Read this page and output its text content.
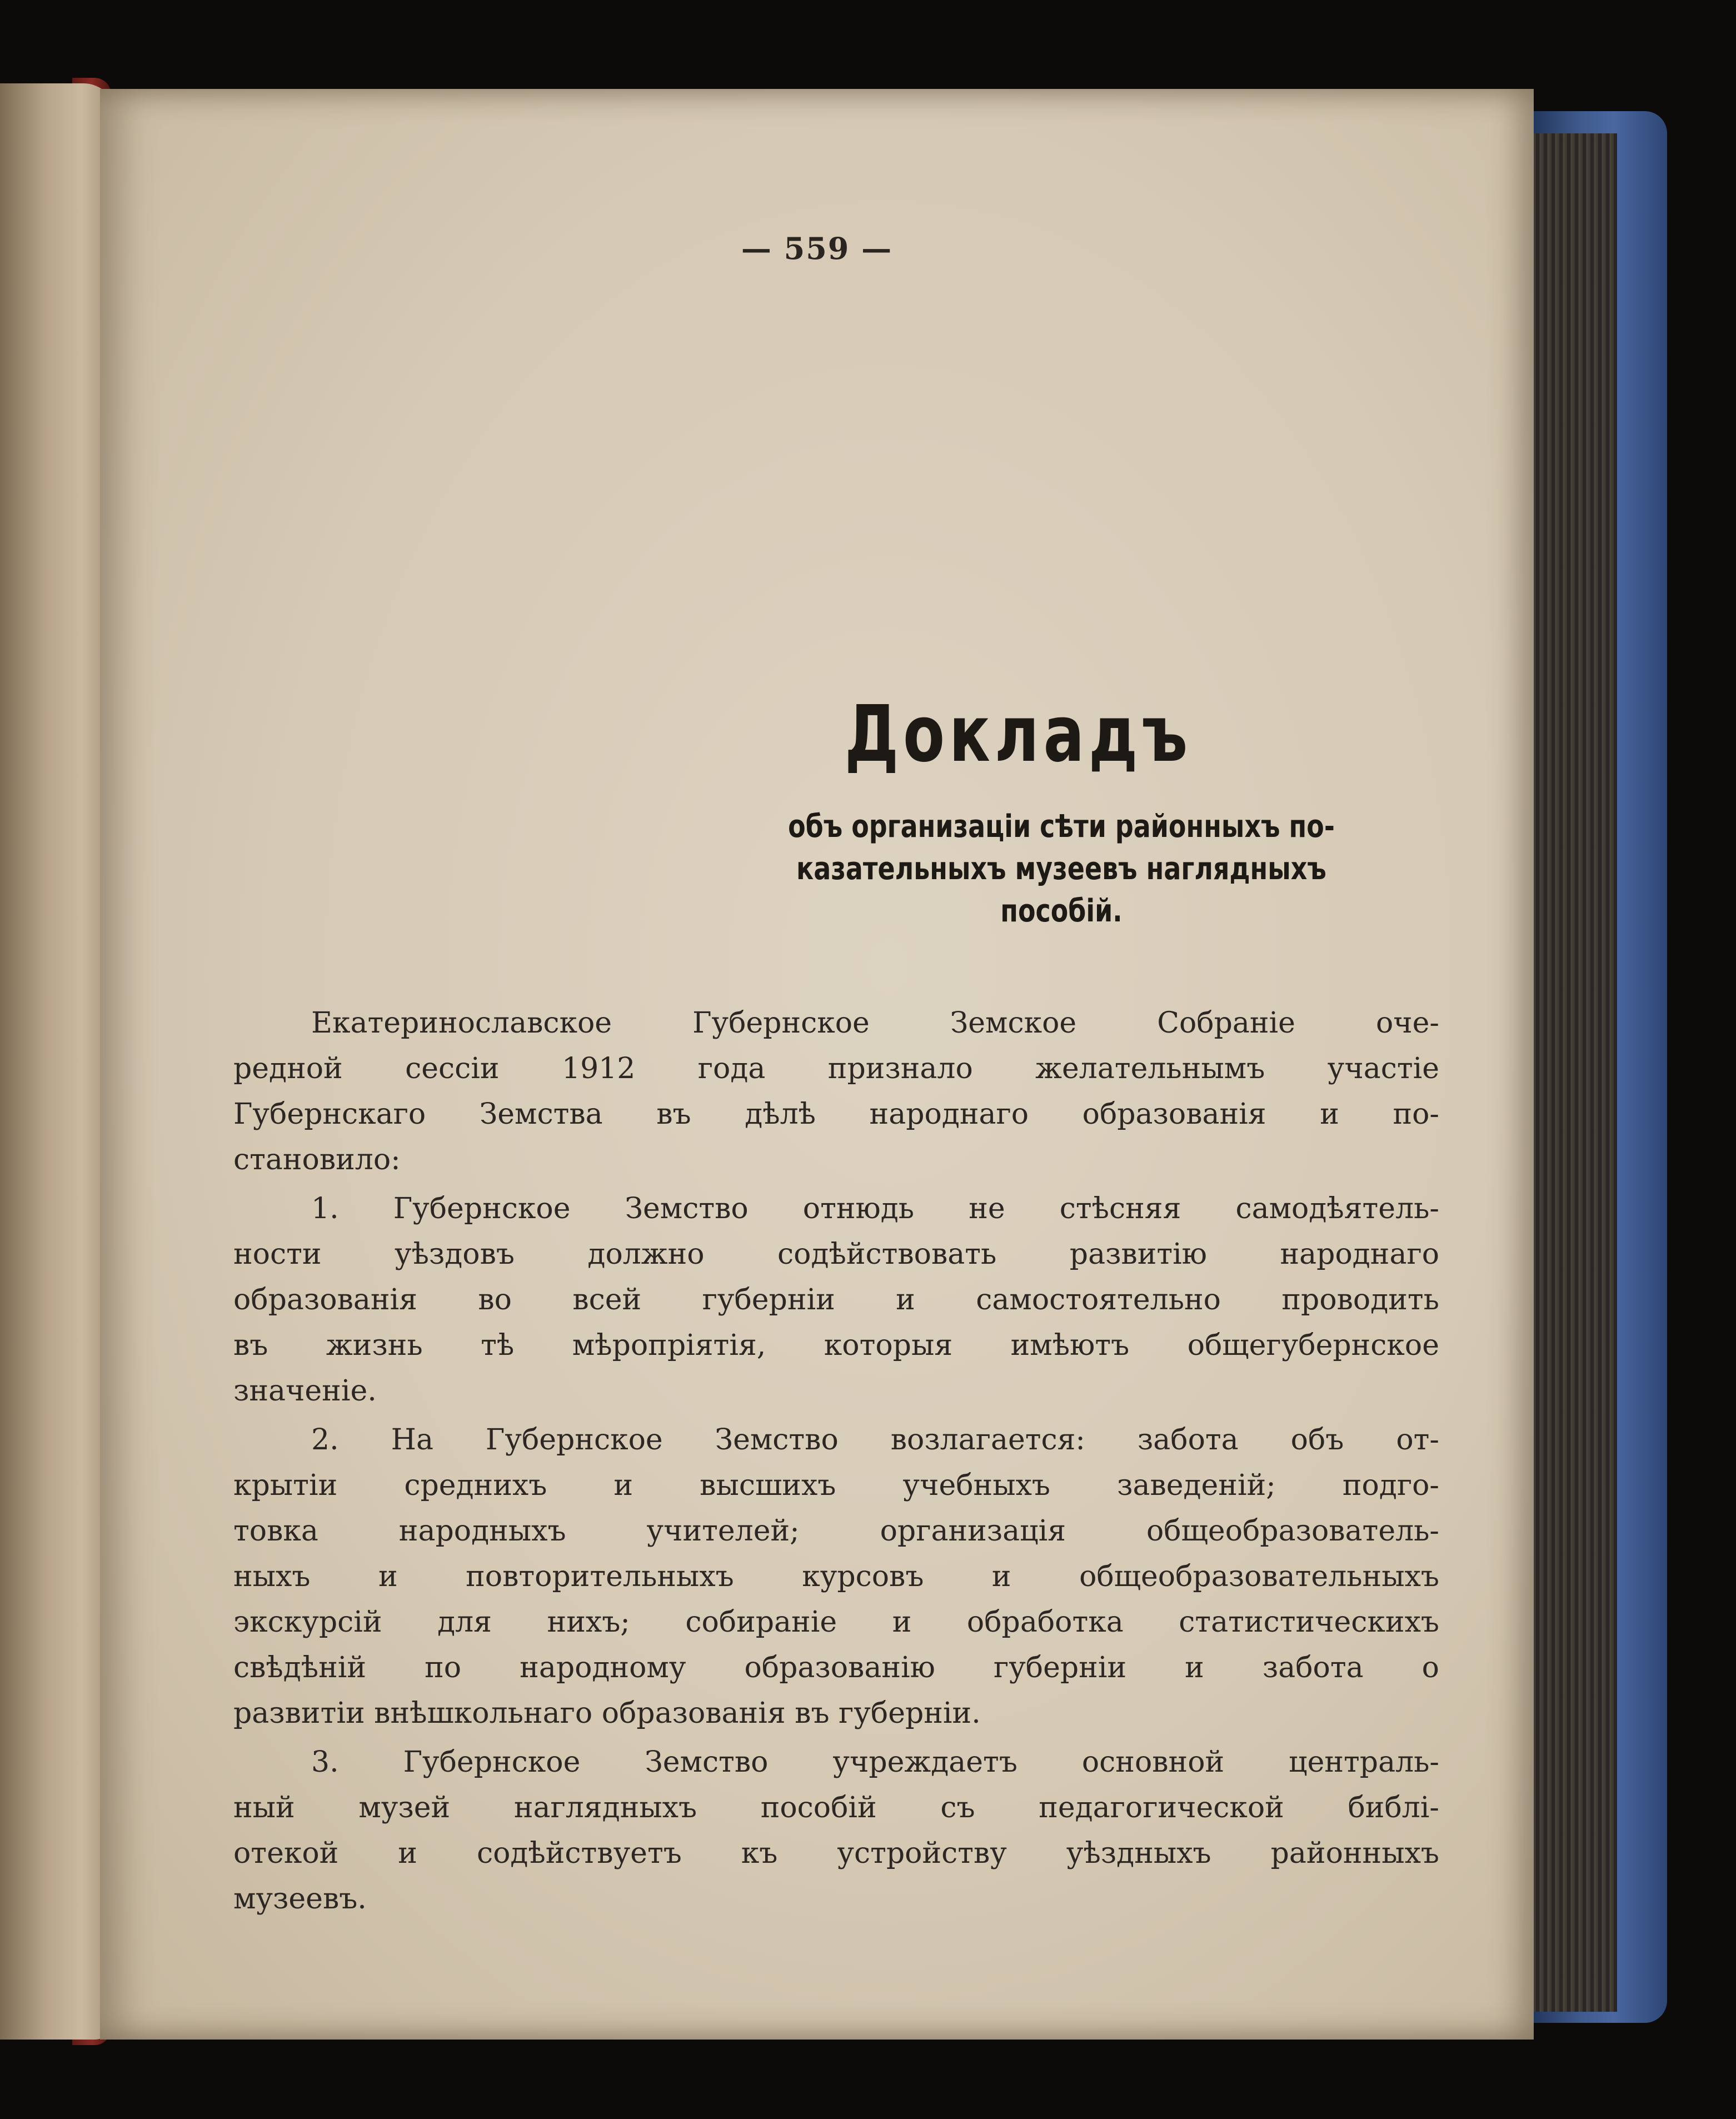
— 559 —
Докладъ
объ организаціи сѣти районныхъ по-
казательныхъ музеевъ наглядныхъ
пособій.

Екатеринославское Губернское Земское Собраніе оче-
редной сессіи 1912 года признало желательнымъ участіе
Губернскаго Земства въ дѣлѣ народнаго образованія и по-
становило:

1. Губернское Земство отнюдь не стѣсняя самодѣятель-
ности уѣздовъ должно содѣйствовать развитію народнаго
образованія во всей губерніи и самостоятельно проводить
въ жизнь тѣ мѣропріятія, которыя имѣютъ общегубернское
значеніе.

2. На Губернское Земство возлагается: забота объ от-
крытіи среднихъ и высшихъ учебныхъ заведеній; подго-
товка народныхъ учителей; организація общеобразователь-
ныхъ и повторительныхъ курсовъ и общеобразовательныхъ
экскурсій для нихъ; собираніе и обработка статистическихъ
свѣдѣній по народному образованію губерніи и забота о
развитіи внѣшкольнаго образованія въ губерніи.

3. Губернское Земство учреждаетъ основной централь-
ный музей наглядныхъ пособій съ педагогической библі-
отекой и содѣйствуетъ къ устройству уѣздныхъ районныхъ
музеевъ.
